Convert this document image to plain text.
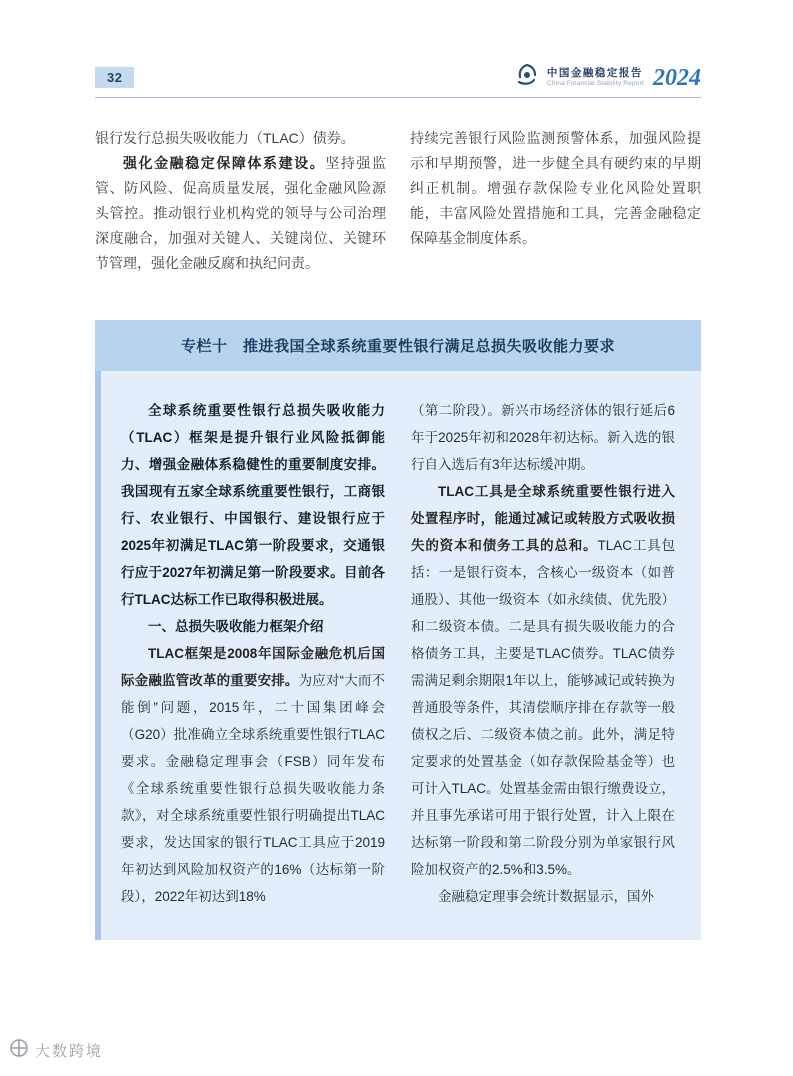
32	中国金融稳定报告
China Financial Stability Report 2024

银行发行总损失吸收能力（TLAC）债券。

强化金融稳定保障体系建设。坚持强监管、防风险、促高质量发展，强化金融风险源头管控。推动银行业机构党的领导与公司治理深度融合，加强对关键人、关键岗位、关键环节管理，强化金融反腐和执纪问责。

持续完善银行风险监测预警体系，加强风险提示和早期预警，进一步健全具有硬约束的早期纠正机制。增强存款保险专业化风险处置职能，丰富风险处置措施和工具，完善金融稳定保障基金制度体系。

专栏十　推进我国全球系统重要性银行满足总损失吸收能力要求

全球系统重要性银行总损失吸收能力（TLAC）框架是提升银行业风险抵御能力、增强金融体系稳健性的重要制度安排。我国现有五家全球系统重要性银行，工商银行、农业银行、中国银行、建设银行应于2025年初满足TLAC第一阶段要求，交通银行应于2027年初满足第一阶段要求。目前各行TLAC达标工作已取得积极进展。

一、总损失吸收能力框架介绍

TLAC框架是2008年国际金融危机后国际金融监管改革的重要安排。为应对“大而不能倒”问题，2015年，二十国集团峰会（G20）批准确立全球系统重要性银行TLAC要求。金融稳定理事会（FSB）同年发布《全球系统重要性银行总损失吸收能力条款》，对全球系统重要性银行明确提出TLAC要求，发达国家的银行TLAC工具应于2019年初达到风险加权资产的16%（达标第一阶段），2022年初达到18%

（第二阶段）。新兴市场经济体的银行延后6年于2025年初和2028年初达标。新入选的银行自入选后有3年达标缓冲期。

TLAC工具是全球系统重要性银行进入处置程序时，能通过减记或转股方式吸收损失的资本和债务工具的总和。TLAC工具包括：一是银行资本，含核心一级资本（如普通股）、其他一级资本（如永续债、优先股）和二级资本债。二是具有损失吸收能力的合格债务工具，主要是TLAC债券。TLAC债券需满足剩余期限1年以上，能够减记或转换为普通股等条件，其清偿顺序排在存款等一般债权之后、二级资本债之前。此外，满足特定要求的处置基金（如存款保险基金等）也可计入TLAC。处置基金需由银行缴费设立，并且事先承诺可用于银行处置，计入上限在达标第一阶段和第二阶段分别为单家银行风险加权资产的2.5%和3.5%。

金融稳定理事会统计数据显示，国外

大数跨境
